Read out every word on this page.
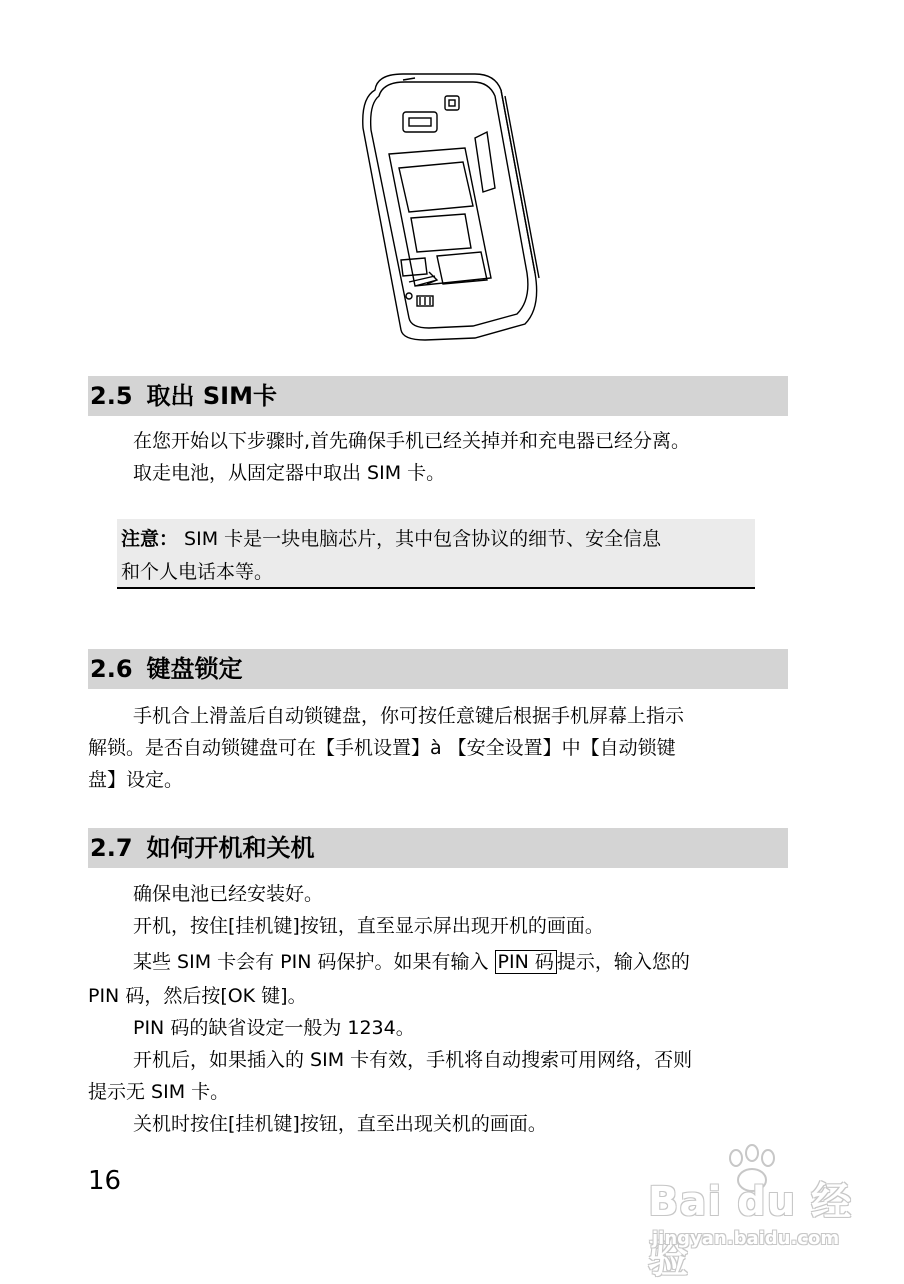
2.5 取出 SIM卡
在您开始以下步骤时,首先确保手机已经关掉并和充电器已经分离。
取走电池，从固定器中取出 SIM 卡。
注意： SIM 卡是一块电脑芯片，其中包含协议的细节、安全信息
和个人电话本等。
2.6 键盘锁定
手机合上滑盖后自动锁键盘，你可按任意键后根据手机屏幕上指示
解锁。是否自动锁键盘可在【手机设置】à 【安全设置】中【自动锁键
盘】设定。
2.7 如何开机和关机
确保电池已经安装好。
开机，按住[挂机键]按钮，直至显示屏出现开机的画面。
某些 SIM 卡会有 PIN 码保护。如果有输入 PIN 码 提示，输入您的
PIN 码，然后按[OK 键]。
PIN 码的缺省设定一般为 1234。
开机后，如果插入的 SIM 卡有效，手机将自动搜索可用网络，否则
提示无 SIM 卡。
关机时按住[挂机键]按钮，直至出现关机的画面。
16	Bai du 经验
jingyan.baidu.com
